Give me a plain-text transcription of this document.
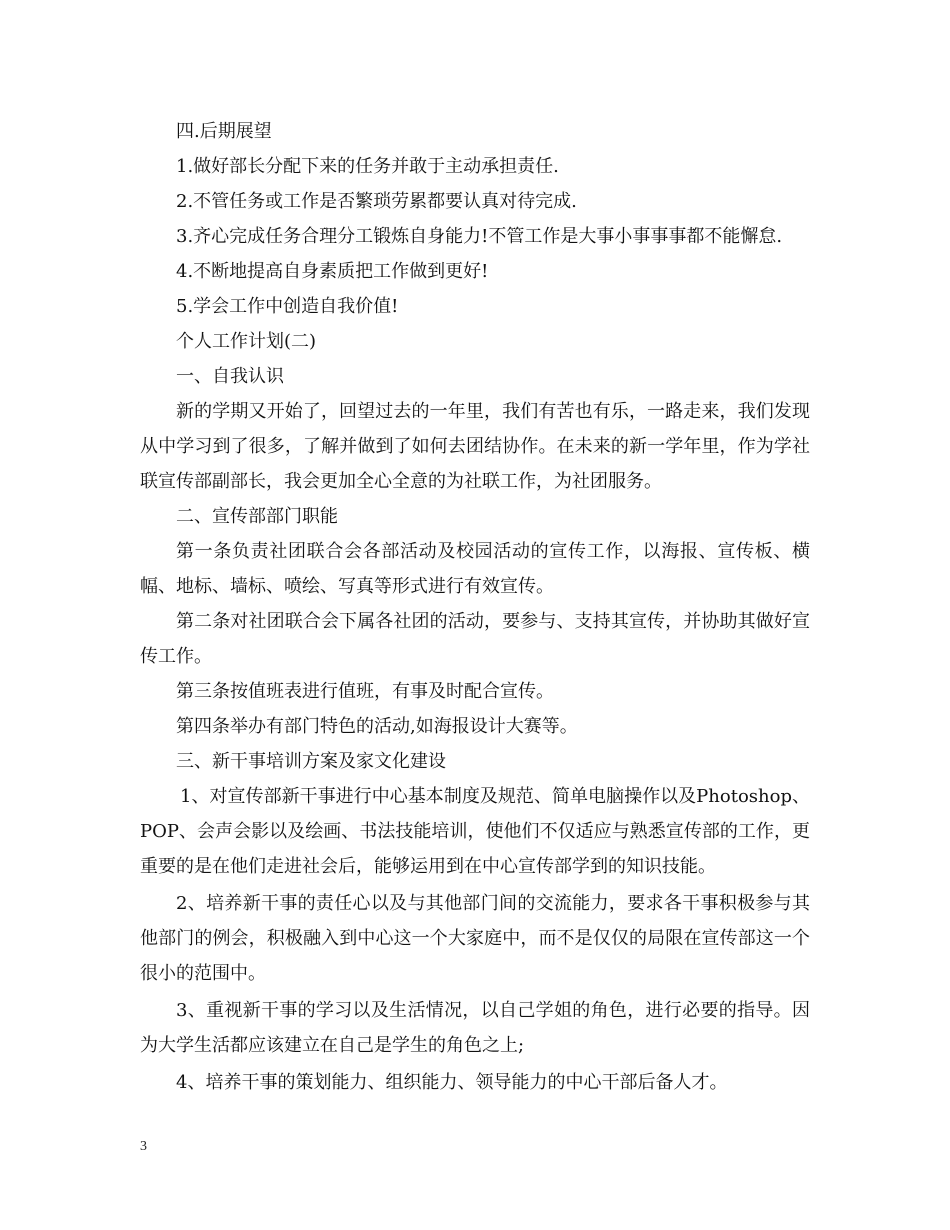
四.后期展望
1.做好部长分配下来的任务并敢于主动承担责任.
2.不管任务或工作是否繁琐劳累都要认真对待完成.
3.齐心完成任务合理分工锻炼自身能力!不管工作是大事小事事事都不能懈怠.
4.不断地提高自身素质把工作做到更好!
5.学会工作中创造自我价值!
个人工作计划(二)
一、自我认识
新的学期又开始了，回望过去的一年里，我们有苦也有乐，一路走来，我们发现从中学习到了很多，了解并做到了如何去团结协作。在未来的新一学年里，作为学社联宣传部副部长，我会更加全心全意的为社联工作，为社团服务。
二、宣传部部门职能
第一条负责社团联合会各部活动及校园活动的宣传工作，以海报、宣传板、横幅、地标、墙标、喷绘、写真等形式进行有效宣传。
第二条对社团联合会下属各社团的活动，要参与、支持其宣传，并协助其做好宣传工作。
第三条按值班表进行值班，有事及时配合宣传。
第四条举办有部门特色的活动,如海报设计大赛等。
三、新干事培训方案及家文化建设
1、对宣传部新干事进行中心基本制度及规范、简单电脑操作以及Photoshop、POP、会声会影以及绘画、书法技能培训，使他们不仅适应与熟悉宣传部的工作，更重要的是在他们走进社会后，能够运用到在中心宣传部学到的知识技能。
2、培养新干事的责任心以及与其他部门间的交流能力，要求各干事积极参与其他部门的例会，积极融入到中心这一个大家庭中，而不是仅仅的局限在宣传部这一个很小的范围中。
3、重视新干事的学习以及生活情况，以自己学姐的角色，进行必要的指导。因为大学生活都应该建立在自己是学生的角色之上;
4、培养干事的策划能力、组织能力、领导能力的中心干部后备人才。
3
